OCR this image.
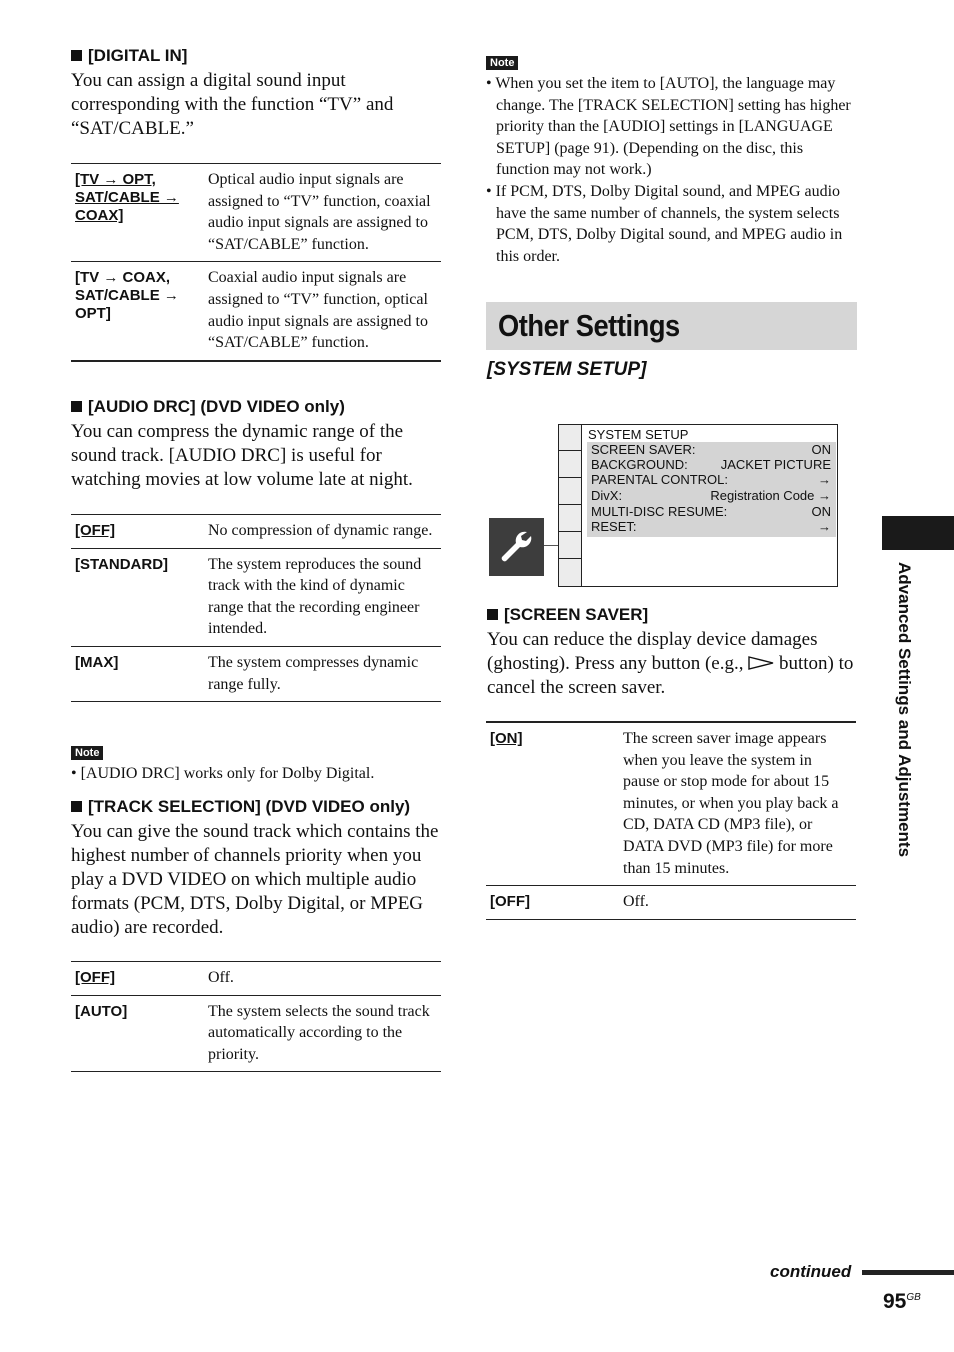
[DIGITAL IN]
You can assign a digital sound input corresponding with the function “TV” and “SAT/CABLE.”
[TV → OPT, SAT/CABLE → COAX]	Optical audio input signals are assigned to “TV” function, coaxial audio input signals are assigned to “SAT/CABLE” function.
[TV → COAX, SAT/CABLE → OPT]	Coaxial audio input signals are assigned to “TV” function, optical audio input signals are assigned to “SAT/CABLE” function.
[AUDIO DRC] (DVD VIDEO only)
You can compress the dynamic range of the sound track. [AUDIO DRC] is useful for watching movies at low volume late at night.
[OFF]	No compression of dynamic range.
[STANDARD]	The system reproduces the sound track with the kind of dynamic range that the recording engineer intended.
[MAX]	The system compresses dynamic range fully.
Note
• [AUDIO DRC] works only for Dolby Digital.
[TRACK SELECTION] (DVD VIDEO only)
You can give the sound track which contains the highest number of channels priority when you play a DVD VIDEO on which multiple audio formats (PCM, DTS, Dolby Digital, or MPEG audio) are recorded.
[OFF]	Off.
[AUTO]	The system selects the sound track automatically according to the priority.
Note
• When you set the item to [AUTO], the language may change. The [TRACK SELECTION] setting has higher priority than the [AUDIO] settings in [LANGUAGE SETUP] (page 91). (Depending on the disc, this function may not work.)
• If PCM, DTS, Dolby Digital sound, and MPEG audio have the same number of channels, the system selects PCM, DTS, Dolby Digital sound, and MPEG audio in this order.
Other Settings
[SYSTEM SETUP]
SYSTEM SETUP
SCREEN SAVER:	ON
BACKGROUND:	JACKET PICTURE
PARENTAL CONTROL:	→
DivX:	Registration Code →
MULTI-DISC RESUME:	ON
RESET:	→
[SCREEN SAVER]
You can reduce the display device damages (ghosting). Press any button (e.g., button) to cancel the screen saver.
[ON]	The screen saver image appears when you leave the system in pause or stop mode for about 15 minutes, or when you play back a CD, DATA CD (MP3 file), or DATA DVD (MP3 file) for more than 15 minutes.
[OFF]	Off.
Advanced Settings and Adjustments
continued
$95^{GB}$
